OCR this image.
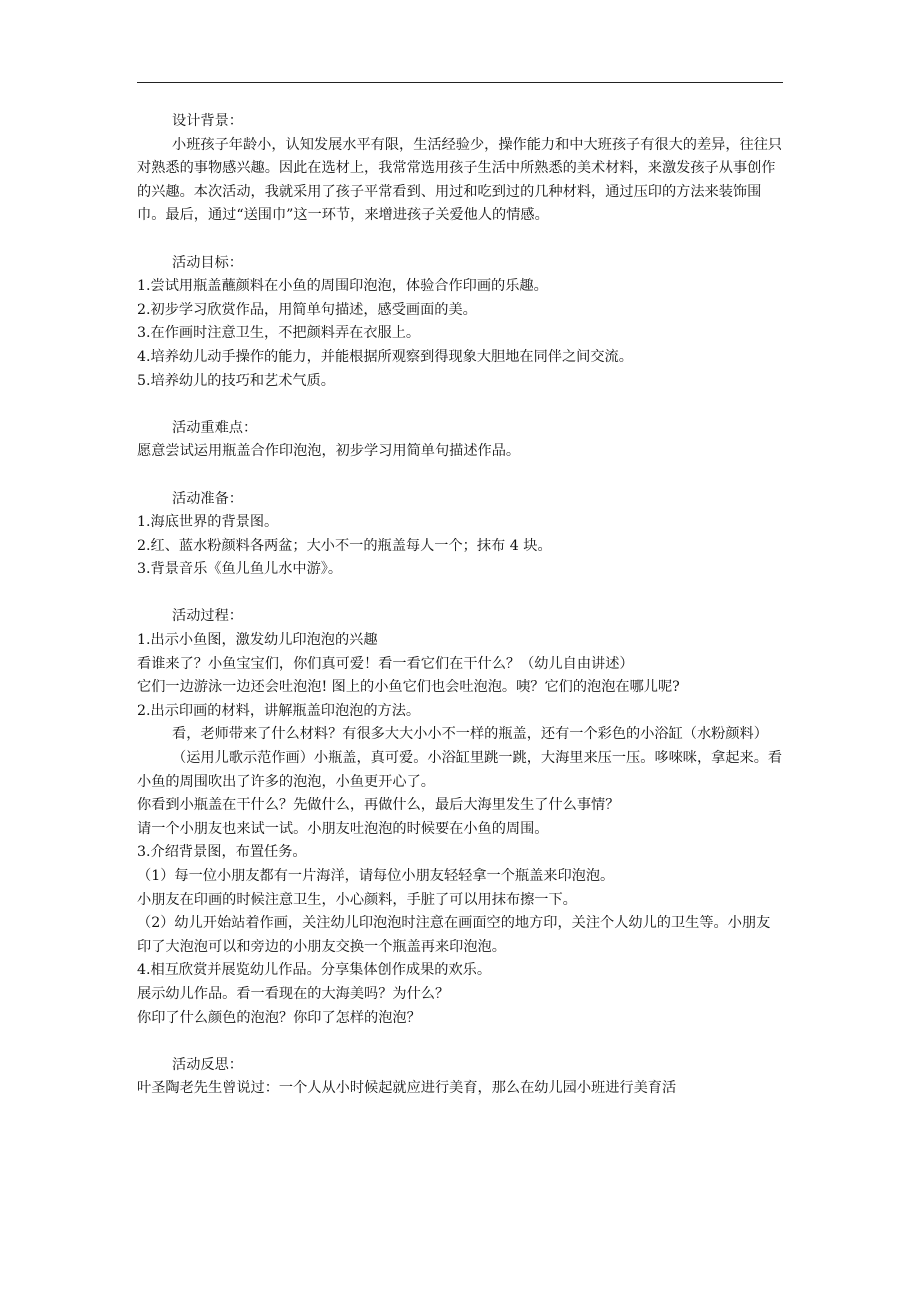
设计背景：

小班孩子年龄小，认知发展水平有限，生活经验少，操作能力和中大班孩子有很大的差异，往往只对熟悉的事物感兴趣。因此在选材上，我常常选用孩子生活中所熟悉的美术材料，来激发孩子从事创作的兴趣。本次活动，我就采用了孩子平常看到、用过和吃到过的几种材料，通过压印的方法来装饰围巾。最后，通过“送围巾”这一环节，来增进孩子关爱他人的情感。

活动目标：

1.尝试用瓶盖蘸颜料在小鱼的周围印泡泡，体验合作印画的乐趣。

2.初步学习欣赏作品，用简单句描述，感受画面的美。

3.在作画时注意卫生，不把颜料弄在衣服上。

4.培养幼儿动手操作的能力，并能根据所观察到得现象大胆地在同伴之间交流。

5.培养幼儿的技巧和艺术气质。

活动重难点：

愿意尝试运用瓶盖合作印泡泡，初步学习用简单句描述作品。

活动准备：

1.海底世界的背景图。

2.红、蓝水粉颜料各两盆；大小不一的瓶盖每人一个；抹布 4 块。

3.背景音乐《鱼儿鱼儿水中游》。

活动过程：

1.出示小鱼图，激发幼儿印泡泡的兴趣

看谁来了？小鱼宝宝们，你们真可爱！看一看它们在干什么？（幼儿自由讲述）

它们一边游泳一边还会吐泡泡! 图上的小鱼它们也会吐泡泡。咦？它们的泡泡在哪儿呢?

2.出示印画的材料，讲解瓶盖印泡泡的方法。

看，老师带来了什么材料？有很多大大小小不一样的瓶盖，还有一个彩色的小浴缸（水粉颜料）

（运用儿歌示范作画）小瓶盖，真可爱。小浴缸里跳一跳，大海里来压一压。哆唻咪，拿起来。看小鱼的周围吹出了许多的泡泡，小鱼更开心了。

你看到小瓶盖在干什么？先做什么，再做什么，最后大海里发生了什么事情？

请一个小朋友也来试一试。小朋友吐泡泡的时候要在小鱼的周围。

3.介绍背景图，布置任务。

（1）每一位小朋友都有一片海洋，请每位小朋友轻轻拿一个瓶盖来印泡泡。

小朋友在印画的时候注意卫生，小心颜料，手脏了可以用抹布擦一下。

（2）幼儿开始站着作画，关注幼儿印泡泡时注意在画面空的地方印，关注个人幼儿的卫生等。小朋友印了大泡泡可以和旁边的小朋友交换一个瓶盖再来印泡泡。

4.相互欣赏并展览幼儿作品。分享集体创作成果的欢乐。

展示幼儿作品。看一看现在的大海美吗？为什么？

你印了什么颜色的泡泡？你印了怎样的泡泡？

活动反思：

叶圣陶老先生曾说过：一个人从小时候起就应进行美育，那么在幼儿园小班进行美育活
